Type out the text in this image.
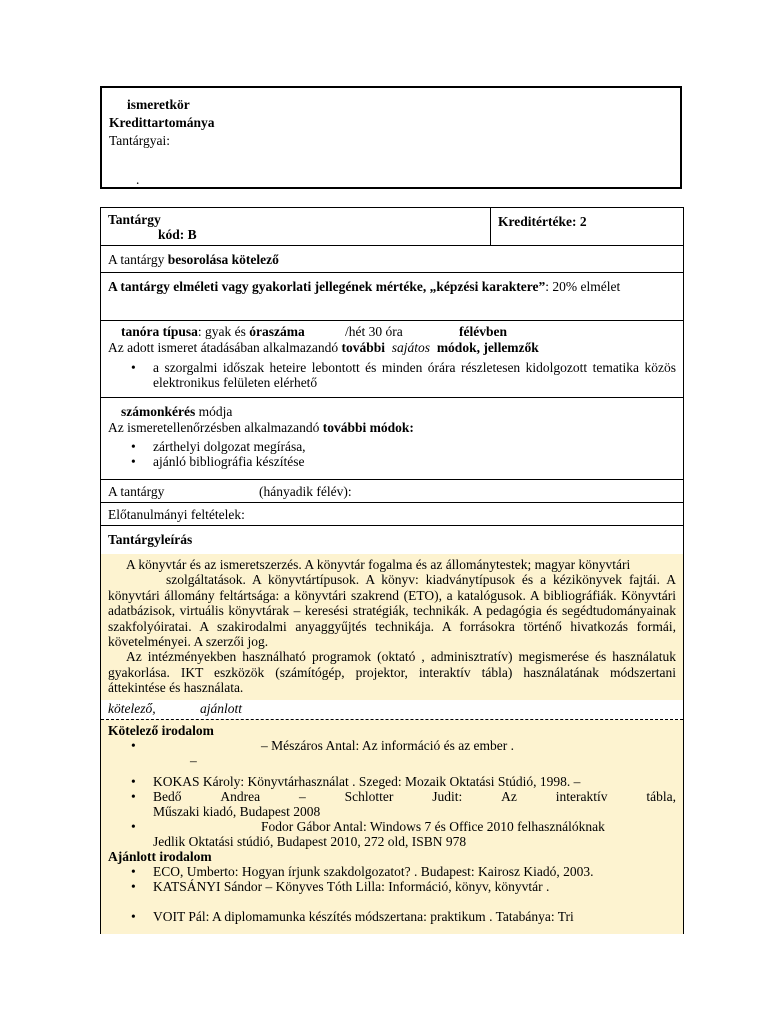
ismeretkör
Kredittartománya
Tantárgyai:
.
Tantárgy
kód: B
Kreditértéke: 2
A tantárgy besorolása kötelező
A tantárgy elméleti vagy gyakorlati jellegének mértéke, „képzési karaktere”: 20% elmélet
tanóra típusa: gyak és óraszáma	/hét 30 óra	félévben
Az adott ismeret átadásában alkalmazandó további sajátos módok, jellemzők
• a szorgalmi időszak heteire lebontott és minden órára részletesen kidolgozott tematika közös elektronikus felületen elérhető
számonkérés módja
Az ismeretellenőrzésben alkalmazandó további módok:
• zárthelyi dolgozat megírása,
• ajánló bibliográfia készítése
A tantárgy	(hányadik félév):
Előtanulmányi feltételek:
Tantárgyleírás
A könyvtár és az ismeretszerzés. A könyvtár fogalma és az állománytestek; magyar könyvtári
szolgáltatások. A könyvtártípusok. A könyv: kiadványtípusok és a kézikönyvek fajtái. A könyvtári állomány feltártsága: a könyvtári szakrend (ETO), a katalógusok. A bibliográfiák. Könyvtári adatbázisok, virtuális könyvtárak – keresési stratégiák, technikák. A pedagógia és segédtudományainak szakfolyóiratai. A szakirodalmi anyaggyűjtés technikája. A forrásokra történő hivatkozás formái, követelményei. A szerzői jog.
Az intézményekben használható programok (oktató , adminisztratív) megismerése és használatuk gyakorlása. IKT eszközök (számítógép, projektor, interaktív tábla) használatának módszertani áttekintése és használata.
kötelező,	ajánlott
Kötelező irodalom
•	– Mészáros Antal: Az információ és az ember .
–
• KOKAS Károly: Könyvtárhasználat . Szeged: Mozaik Oktatási Stúdió, 1998. –
• Bedő    Andrea    –    Schlotter    Judit:    Az    interaktív    tábla,
Műszaki kiadó, Budapest 2008
•	Fodor Gábor Antal: Windows 7 és Office 2010 felhasználóknak
Jedlik Oktatási stúdió, Budapest 2010, 272 old, ISBN 978
Ajánlott irodalom
• ECO, Umberto: Hogyan írjunk szakdolgozatot? . Budapest: Kairosz Kiadó, 2003.
• KATSÁNYI Sándor – Könyves Tóth Lilla: Információ, könyv, könyvtár .
• VOIT Pál: A diplomamunka készítés módszertana: praktikum . Tatabánya: Tri
